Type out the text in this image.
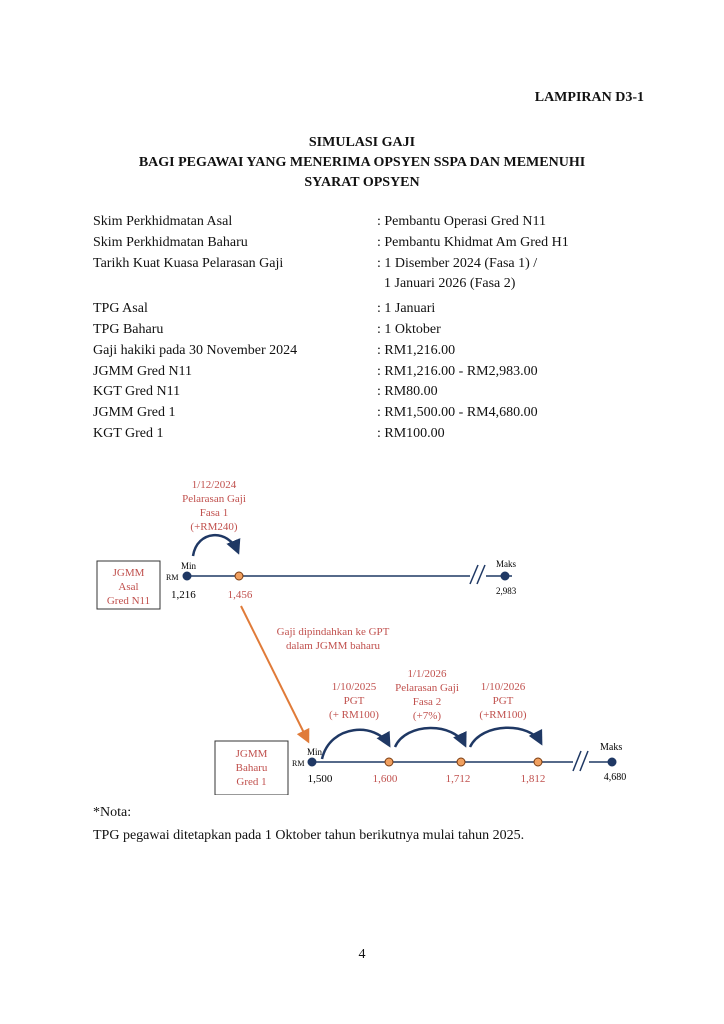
LAMPIRAN D3-1
SIMULASI GAJI
BAGI PEGAWAI YANG MENERIMA OPSYEN SSPA DAN MEMENUHI
SYARAT OPSYEN
Skim Perkhidmatan Asal	: Pembantu Operasi Gred N11
Skim Perkhidmatan Baharu	: Pembantu Khidmat Am Gred H1
Tarikh Kuat Kuasa Pelarasan Gaji	: 1 Disember 2024 (Fasa 1) /
1 Januari 2026 (Fasa 2)
TPG Asal	: 1 Januari
TPG Baharu	: 1 Oktober
Gaji hakiki pada 30 November 2024	: RM1,216.00
JGMM Gred N11	: RM1,216.00 - RM2,983.00
KGT Gred N11	: RM80.00
JGMM Gred 1	: RM1,500.00 - RM4,680.00
KGT Gred 1	: RM100.00
1/12/2024
Pelarasan Gaji
Fasa 1
(+RM240)
JGMM
Asal
Gred N11
Min
RM
Maks
1,216	1,456	2,983
Gaji dipindahkan ke GPT
dalam JGMM baharu
1/10/2025
PGT
(+ RM100)
1/1/2026
Pelarasan Gaji
Fasa 2
(+7%)
1/10/2026
PGT
(+RM100)
JGMM
Baharu
Gred 1
Min
RM
Maks
1,500	1,600	1,712	1,812	4,680
*Nota:
TPG pegawai ditetapkan pada 1 Oktober tahun berikutnya mulai tahun 2025.
4
